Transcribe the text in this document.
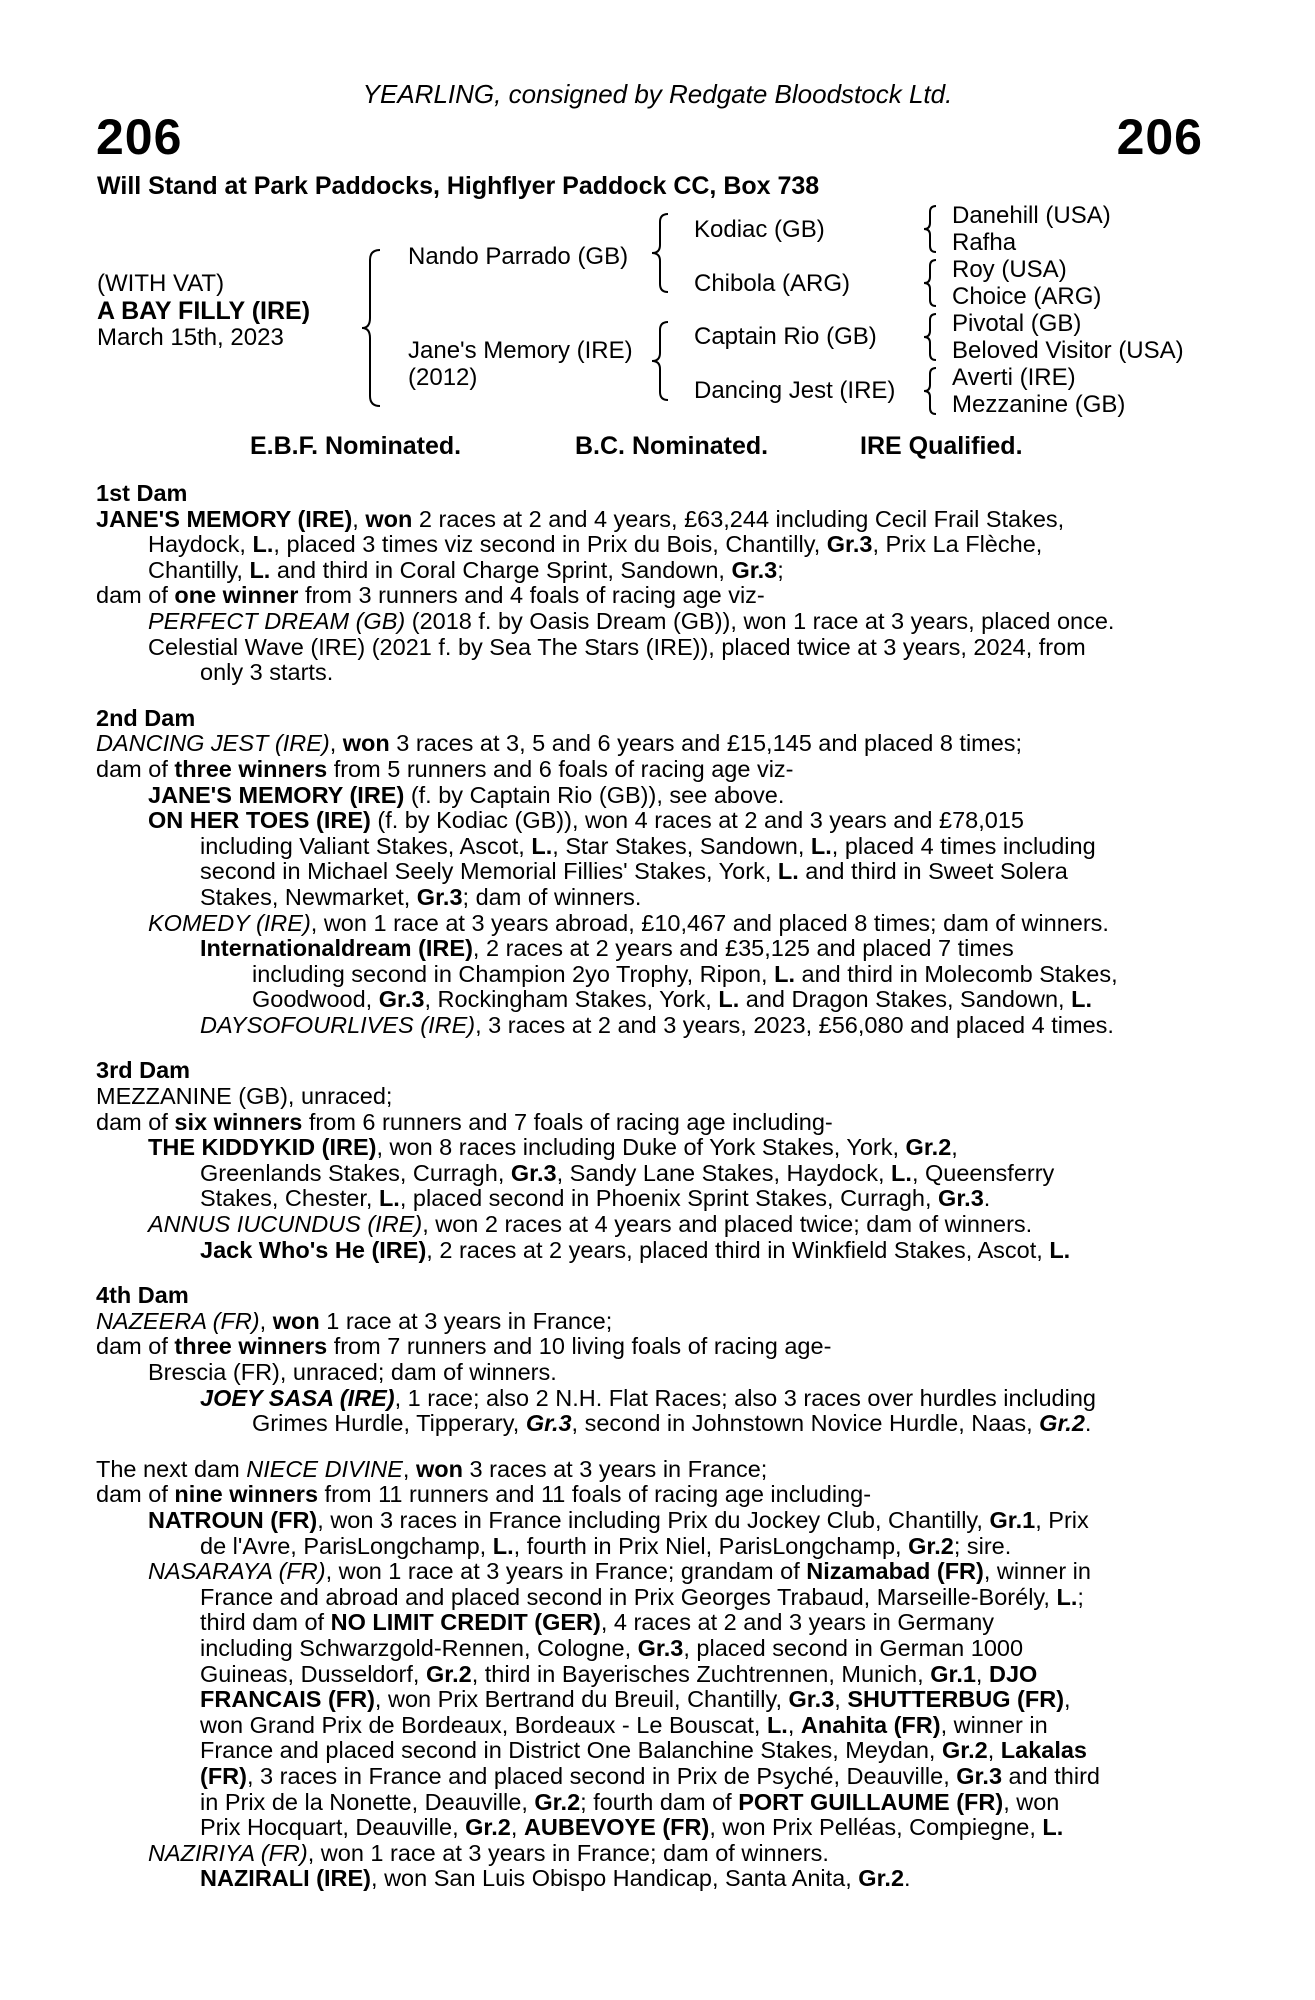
YEARLING, consigned by Redgate Bloodstock Ltd.
206	206
Will Stand at Park Paddocks, Highflyer Paddock CC, Box 738
(WITH VAT)
A BAY FILLY (IRE)
March 15th, 2023
Nando Parrado (GB)
Jane's Memory (IRE)
(2012)
Kodiac (GB)
Chibola (ARG)
Captain Rio (GB)
Dancing Jest (IRE)
Danehill (USA)
Rafha
Roy (USA)
Choice (ARG)
Pivotal (GB)
Beloved Visitor (USA)
Averti (IRE)
Mezzanine (GB)
E.B.F. Nominated.	B.C. Nominated.	IRE Qualified.
1st Dam
JANE'S MEMORY (IRE), won 2 races at 2 and 4 years, £63,244 including Cecil Frail Stakes,
Haydock, L., placed 3 times viz second in Prix du Bois, Chantilly, Gr.3, Prix La Flèche,
Chantilly, L. and third in Coral Charge Sprint, Sandown, Gr.3;
dam of one winner from 3 runners and 4 foals of racing age viz-
PERFECT DREAM (GB) (2018 f. by Oasis Dream (GB)), won 1 race at 3 years, placed once.
Celestial Wave (IRE) (2021 f. by Sea The Stars (IRE)), placed twice at 3 years, 2024, from
only 3 starts.
2nd Dam
DANCING JEST (IRE), won 3 races at 3, 5 and 6 years and £15,145 and placed 8 times;
dam of three winners from 5 runners and 6 foals of racing age viz-
JANE'S MEMORY (IRE) (f. by Captain Rio (GB)), see above.
ON HER TOES (IRE) (f. by Kodiac (GB)), won 4 races at 2 and 3 years and £78,015
including Valiant Stakes, Ascot, L., Star Stakes, Sandown, L., placed 4 times including
second in Michael Seely Memorial Fillies' Stakes, York, L. and third in Sweet Solera
Stakes, Newmarket, Gr.3; dam of winners.
KOMEDY (IRE), won 1 race at 3 years abroad, £10,467 and placed 8 times; dam of winners.
Internationaldream (IRE), 2 races at 2 years and £35,125 and placed 7 times
including second in Champion 2yo Trophy, Ripon, L. and third in Molecomb Stakes,
Goodwood, Gr.3, Rockingham Stakes, York, L. and Dragon Stakes, Sandown, L.
DAYSOFOURLIVES (IRE), 3 races at 2 and 3 years, 2023, £56,080 and placed 4 times.
3rd Dam
MEZZANINE (GB), unraced;
dam of six winners from 6 runners and 7 foals of racing age including-
THE KIDDYKID (IRE), won 8 races including Duke of York Stakes, York, Gr.2,
Greenlands Stakes, Curragh, Gr.3, Sandy Lane Stakes, Haydock, L., Queensferry
Stakes, Chester, L., placed second in Phoenix Sprint Stakes, Curragh, Gr.3.
ANNUS IUCUNDUS (IRE), won 2 races at 4 years and placed twice; dam of winners.
Jack Who's He (IRE), 2 races at 2 years, placed third in Winkfield Stakes, Ascot, L.
4th Dam
NAZEERA (FR), won 1 race at 3 years in France;
dam of three winners from 7 runners and 10 living foals of racing age-
Brescia (FR), unraced; dam of winners.
JOEY SASA (IRE), 1 race; also 2 N.H. Flat Races; also 3 races over hurdles including
Grimes Hurdle, Tipperary, Gr.3, second in Johnstown Novice Hurdle, Naas, Gr.2.
The next dam NIECE DIVINE, won 3 races at 3 years in France;
dam of nine winners from 11 runners and 11 foals of racing age including-
NATROUN (FR), won 3 races in France including Prix du Jockey Club, Chantilly, Gr.1, Prix
de l'Avre, ParisLongchamp, L., fourth in Prix Niel, ParisLongchamp, Gr.2; sire.
NASARAYA (FR), won 1 race at 3 years in France; grandam of Nizamabad (FR), winner in
France and abroad and placed second in Prix Georges Trabaud, Marseille-Borély, L.;
third dam of NO LIMIT CREDIT (GER), 4 races at 2 and 3 years in Germany
including Schwarzgold-Rennen, Cologne, Gr.3, placed second in German 1000
Guineas, Dusseldorf, Gr.2, third in Bayerisches Zuchtrennen, Munich, Gr.1, DJO
FRANCAIS (FR), won Prix Bertrand du Breuil, Chantilly, Gr.3, SHUTTERBUG (FR),
won Grand Prix de Bordeaux, Bordeaux - Le Bouscat, L., Anahita (FR), winner in
France and placed second in District One Balanchine Stakes, Meydan, Gr.2, Lakalas
(FR), 3 races in France and placed second in Prix de Psyché, Deauville, Gr.3 and third
in Prix de la Nonette, Deauville, Gr.2; fourth dam of PORT GUILLAUME (FR), won
Prix Hocquart, Deauville, Gr.2, AUBEVOYE (FR), won Prix Pelléas, Compiegne, L.
NAZIRIYA (FR), won 1 race at 3 years in France; dam of winners.
NAZIRALI (IRE), won San Luis Obispo Handicap, Santa Anita, Gr.2.
